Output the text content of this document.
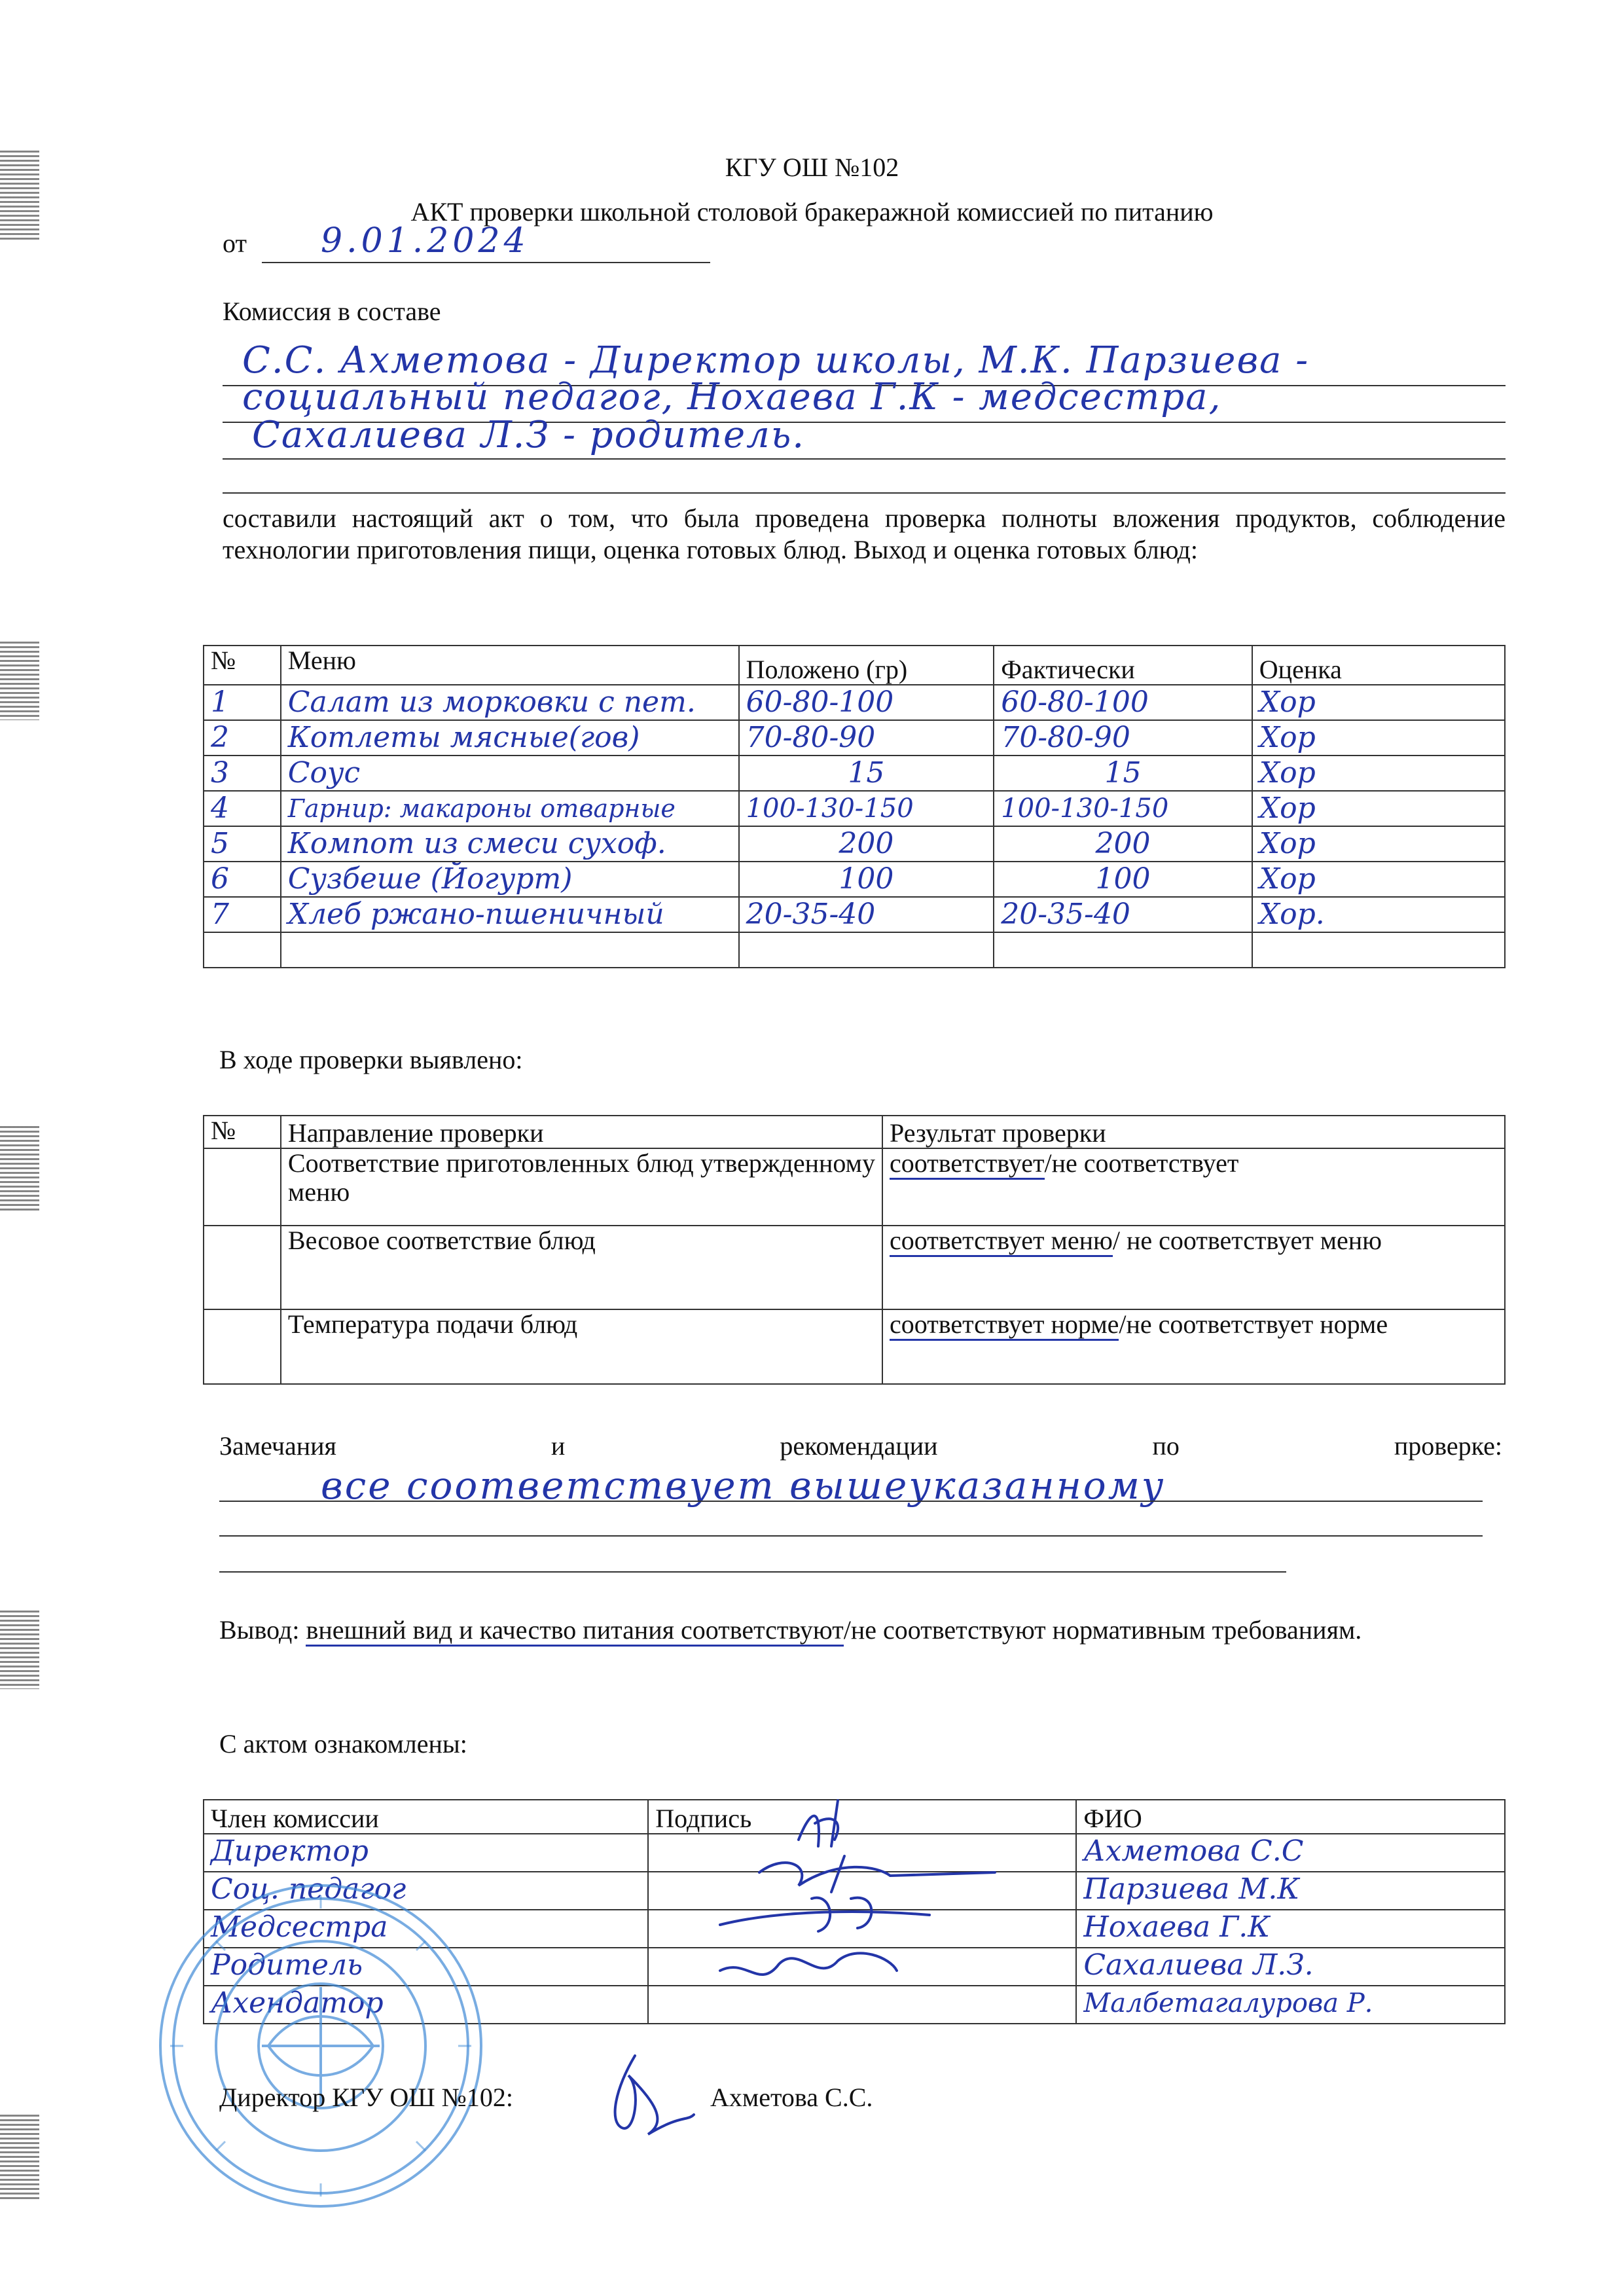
КГУ ОШ №102
АКТ проверки школьной столовой бракеражной комиссией по питанию
от 9.01.2024
Комиссия в составе
С.С. Ахметова - Директор школы, М.К. Парзиева -
социальный педагог, Нохаева Г.К - медсестра,
Сахалиева Л.З - родитель.
составили настоящий акт о том, что была проведена проверка полноты вложения продуктов, соблюдение технологии приготовления пищи, оценка готовых блюд. Выход и оценка готовых блюд:
№	Меню	Положено (гр)	Фактически	Оценка
1	Салат из морковки с пет.	60-80-100	60-80-100	Хор
2	Котлеты мясные(гов)	70-80-90	70-80-90	Хор
3	Соус	15	15	Хор
4	Гарнир: макароны отварные	100-130-150	100-130-150	Хор
5	Компот из смеси сухоф.	200	200	Хор
6	Сузбеше (Йогурт)	100	100	Хор
7	Хлеб ржано-пшеничный	20-35-40	20-35-40	Хор.

В ходе проверки выявлено:
№	Направление проверки	Результат проверки
	Соответствие приготовленных блюд утвержденному меню	соответствует/не соответствует
	Весовое соответствие блюд	соответствует меню/ не соответствует меню
	Температура подачи блюд	соответствует норме/не соответствует норме
Замечания и рекомендации по проверке:
все соответствует вышеуказанному
Вывод: внешний вид и качество питания соответствуют/не соответствуют нормативным требованиям.
С актом ознакомлены:
Член комиссии	Подпись	ФИО
Директор		Ахметова С.С
Соц. педагог		Парзиева М.К
Медсестра		Нохаева Г.К
Родитель		Сахалиева Л.З.
Ахендатор		Малбетагалурова Р.
Директор КГУ ОШ №102:	Ахметова С.С.
